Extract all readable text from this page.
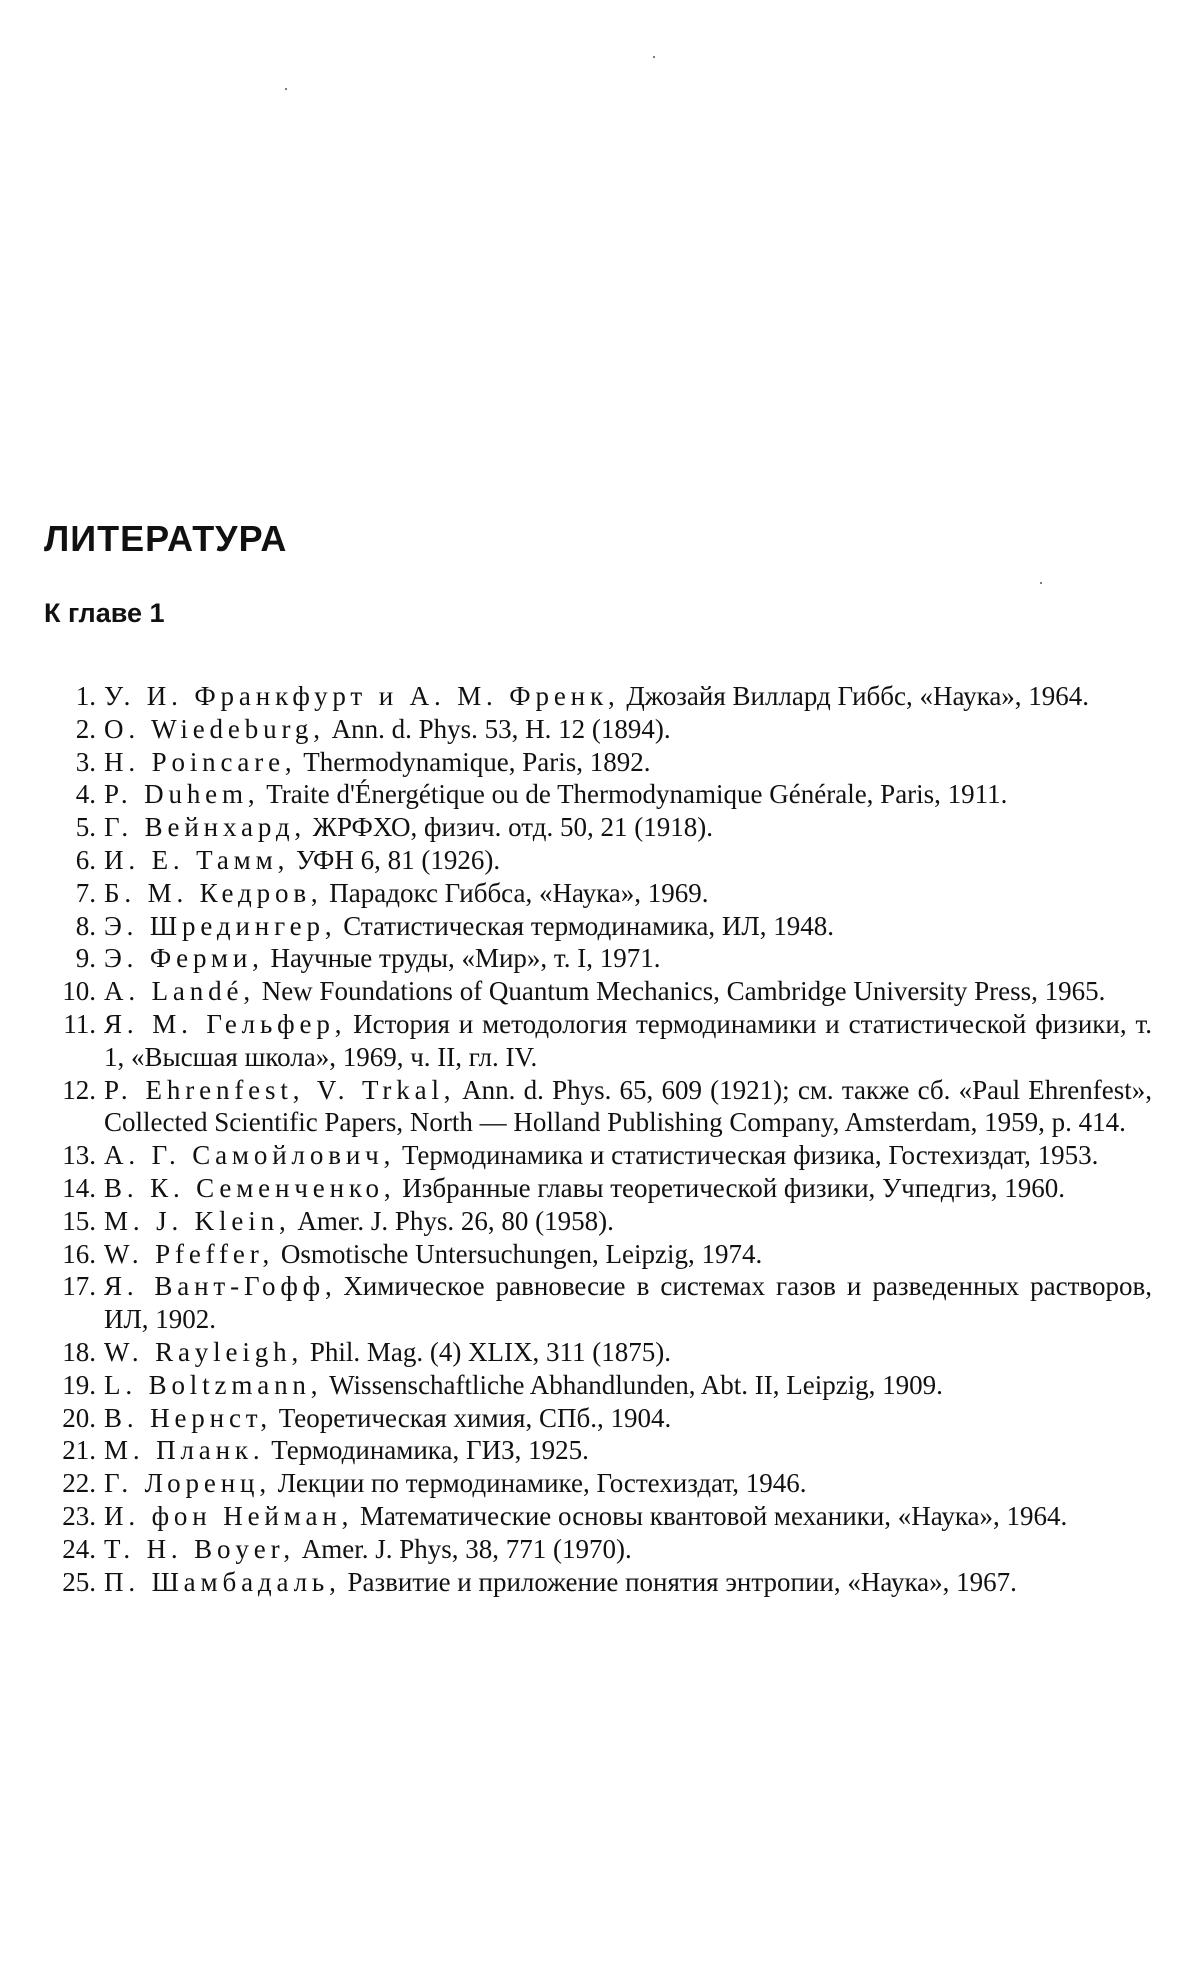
ЛИТЕРАТУРА
К главе 1
1. У. И. Франкфурт и А. М. Френк, Джозайя Виллард Гиббс, «Наука», 1964.
2. O. Wiedeburg, Ann. d. Phys. 53, H. 12 (1894).
3. H. Poincare, Thermodynamique, Paris, 1892.
4. P. Duhem, Traite d'Énergétique ou de Thermodynamique Générale, Paris, 1911.
5. Г. Вейнхард, ЖРФХО, физич. отд. 50, 21 (1918).
6. И. Е. Тамм, УФН 6, 81 (1926).
7. Б. М. Кедров, Парадокс Гиббса, «Наука», 1969.
8. Э. Шредингер, Статистическая термодинамика, ИЛ, 1948.
9. Э. Ферми, Научные труды, «Мир», т. I, 1971.
10. A. Landé, New Foundations of Quantum Mechanics, Cambridge University Press, 1965.
11. Я. М. Гельфер, История и методология термодинамики и статистической физики, т. 1, «Высшая школа», 1969, ч. II, гл. IV.
12. P. Ehrenfest, V. Trkal, Ann. d. Phys. 65, 609 (1921); см. также сб. «Paul Ehrenfest», Collected Scientific Papers, North — Holland Publishing Company, Amsterdam, 1959, p. 414.
13. А. Г. Самойлович, Термодинамика и статистическая физика, Гостехиздат, 1953.
14. В. К. Семенченко, Избранные главы теоретической физики, Учпедгиз, 1960.
15. M. J. Klein, Amer. J. Phys. 26, 80 (1958).
16. W. Pfeffer, Osmotische Untersuchungen, Leipzig, 1974.
17. Я. Вант-Гофф, Химическое равновесие в системах газов и разведенных растворов, ИЛ, 1902.
18. W. Rayleigh, Phil. Mag. (4) XLIX, 311 (1875).
19. L. Boltzmann, Wissenschaftliche Abhandlunden, Abt. II, Leipzig, 1909.
20. В. Нернст, Теоретическая химия, СПб., 1904.
21. М. Планк. Термодинамика, ГИЗ, 1925.
22. Г. Лоренц, Лекции по термодинамике, Гостехиздат, 1946.
23. И. фон Нейман, Математические основы квантовой механики, «Наука», 1964.
24. T. H. Boyer, Amer. J. Phys, 38, 771 (1970).
25. П. Шамбадаль, Развитие и приложение понятия энтропии, «Наука», 1967.
